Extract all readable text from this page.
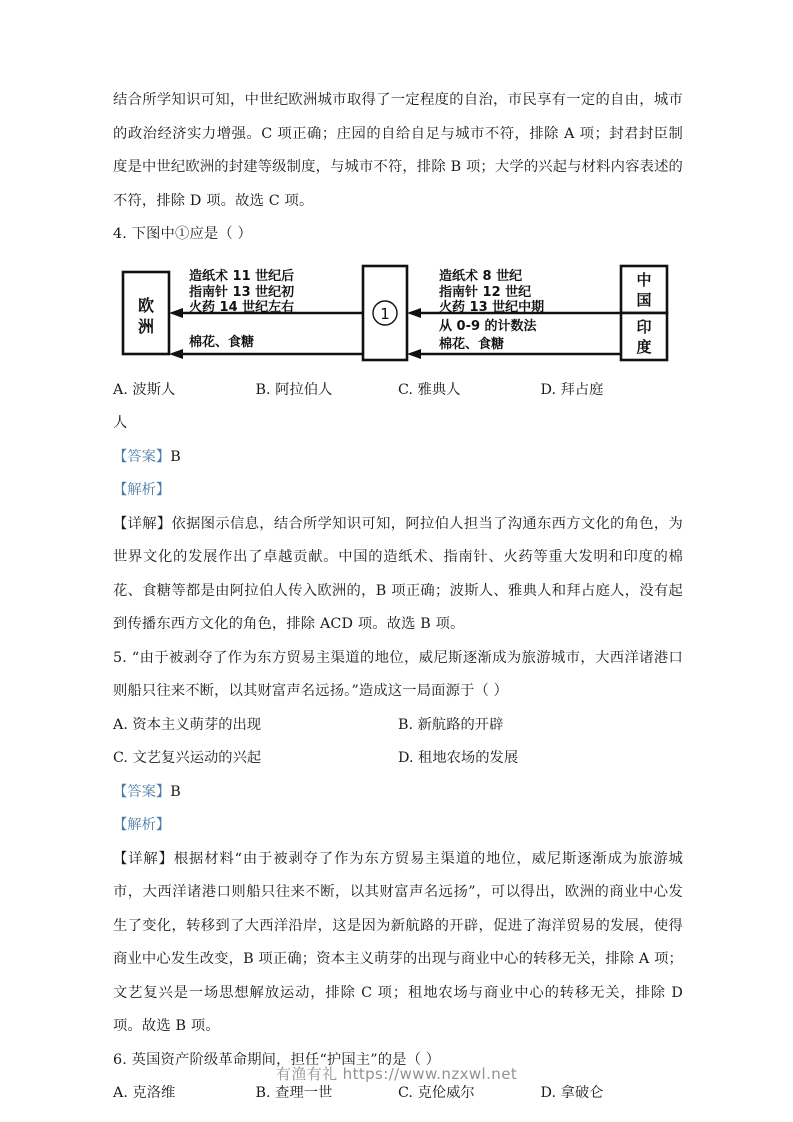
结合所学知识可知，中世纪欧洲城市取得了一定程度的自治，市民享有一定的自由，城市的政治经济实力增强。C 项正确；庄园的自给自足与城市不符，排除 A 项；封君封臣制度是中世纪欧洲的封建等级制度，与城市不符，排除 B 项；大学的兴起与材料内容表述的不符，排除 D 项。故选 C 项。

4. 下图中①应是（ ）

欧
洲
1
中
国
印
度
造纸术 11 世纪后
指南针 13 世纪初
火药 14 世纪左右
棉花、食糖
造纸术 8 世纪
指南针 12 世纪
火药 13 世纪中期
从 0-9 的计数法
棉花、食糖
A. 波斯人	B. 阿拉伯人	C. 雅典人	D. 拜占庭

人

【答案】B

【解析】

【详解】依据图示信息，结合所学知识可知，阿拉伯人担当了沟通东西方文化的角色，为世界文化的发展作出了卓越贡献。中国的造纸术、指南针、火药等重大发明和印度的棉花、食糖等都是由阿拉伯人传入欧洲的，B 项正确；波斯人、雅典人和拜占庭人，没有起到传播东西方文化的角色，排除 ACD 项。故选 B 项。

5. “由于被剥夺了作为东方贸易主渠道的地位，威尼斯逐渐成为旅游城市，大西洋诸港口则船只往来不断，以其财富声名远扬。”造成这一局面源于（ ）

A. 资本主义萌芽的出现	B. 新航路的开辟
C. 文艺复兴运动的兴起	D. 租地农场的发展

【答案】B

【解析】

【详解】根据材料“由于被剥夺了作为东方贸易主渠道的地位，威尼斯逐渐成为旅游城市，大西洋诸港口则船只往来不断，以其财富声名远扬”，可以得出，欧洲的商业中心发生了变化，转移到了大西洋沿岸，这是因为新航路的开辟，促进了海洋贸易的发展，使得商业中心发生改变，B 项正确；资本主义萌芽的出现与商业中心的转移无关，排除 A 项；文艺复兴是一场思想解放运动，排除 C 项；租地农场与商业中心的转移无关，排除 D 项。故选 B 项。

6. 英国资产阶级革命期间，担任“护国主”的是（ ）

A. 克洛维	B. 查理一世	C. 克伦威尔	D. 拿破仑
有渔有礼 https://www.nzxwl.net
